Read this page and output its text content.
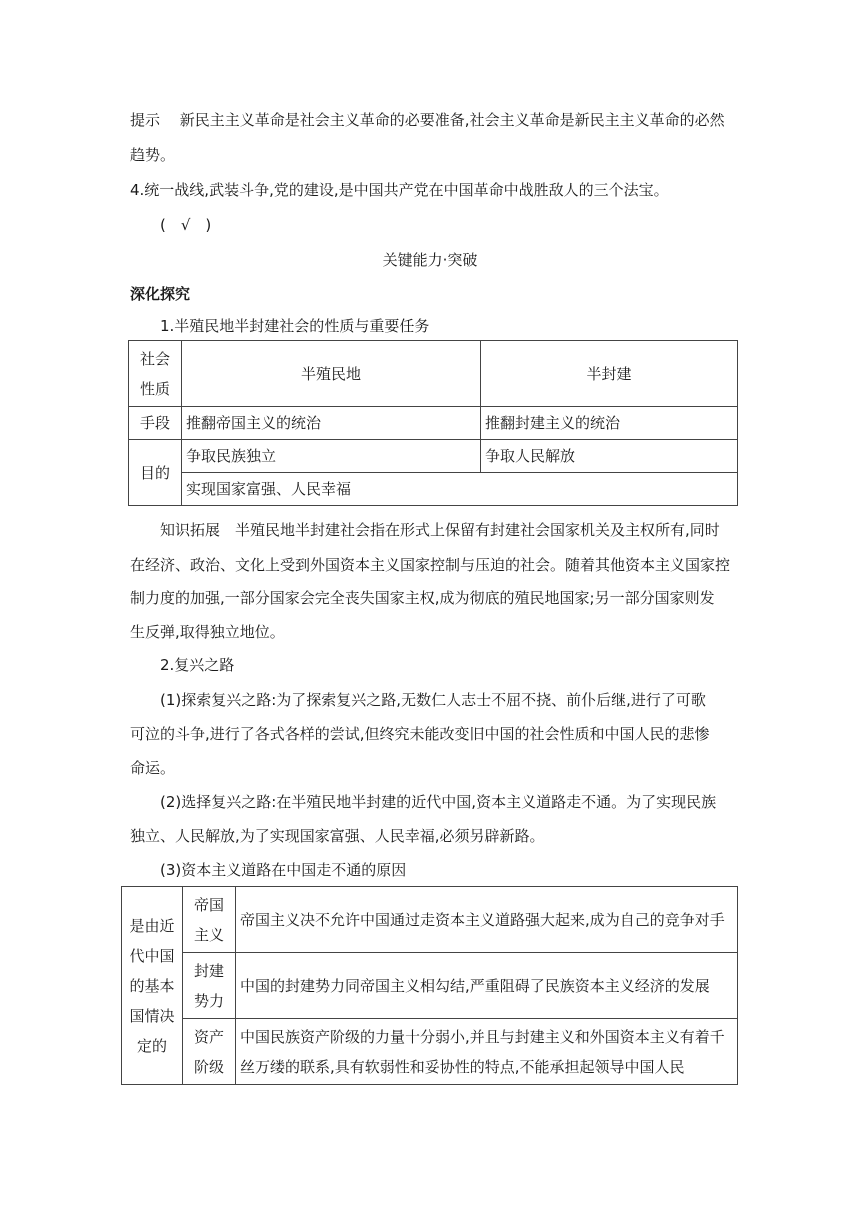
提示　 新民主主义革命是社会主义革命的必要准备,社会主义革命是新民主主义革命的必然
趋势。
4.统一战线,武装斗争,党的建设,是中国共产党在中国革命中战胜敌人的三个法宝。
(　√　)
关键能力·突破
深化探究
1.半殖民地半封建社会的性质与重要任务
社会性质	半殖民地	半封建
手段	推翻帝国主义的统治	推翻封建主义的统治
目的	争取民族独立	争取人民解放
	实现国家富强、人民幸福	
知识拓展　半殖民地半封建社会指在形式上保留有封建社会国家机关及主权所有,同时
在经济、政治、文化上受到外国资本主义国家控制与压迫的社会。随着其他资本主义国家控
制力度的加强,一部分国家会完全丧失国家主权,成为彻底的殖民地国家;另一部分国家则发
生反弹,取得独立地位。
2.复兴之路
(1)探索复兴之路:为了探索复兴之路,无数仁人志士不屈不挠、前仆后继,进行了可歌
可泣的斗争,进行了各式各样的尝试,但终究未能改变旧中国的社会性质和中国人民的悲惨
命运。
(2)选择复兴之路:在半殖民地半封建的近代中国,资本主义道路走不通。为了实现民族
独立、人民解放,为了实现国家富强、人民幸福,必须另辟新路。
(3)资本主义道路在中国走不通的原因
是由近代中国的基本国情决定的	帝国主义	帝国主义决不允许中国通过走资本主义道路强大起来,成为自己的竞争对手
	封建势力	中国的封建势力同帝国主义相勾结,严重阻碍了民族资本主义经济的发展
	资产阶级	中国民族资产阶级的力量十分弱小,并且与封建主义和外国资本主义有着千丝万缕的联系,具有软弱性和妥协性的特点,不能承担起领导中国人民
